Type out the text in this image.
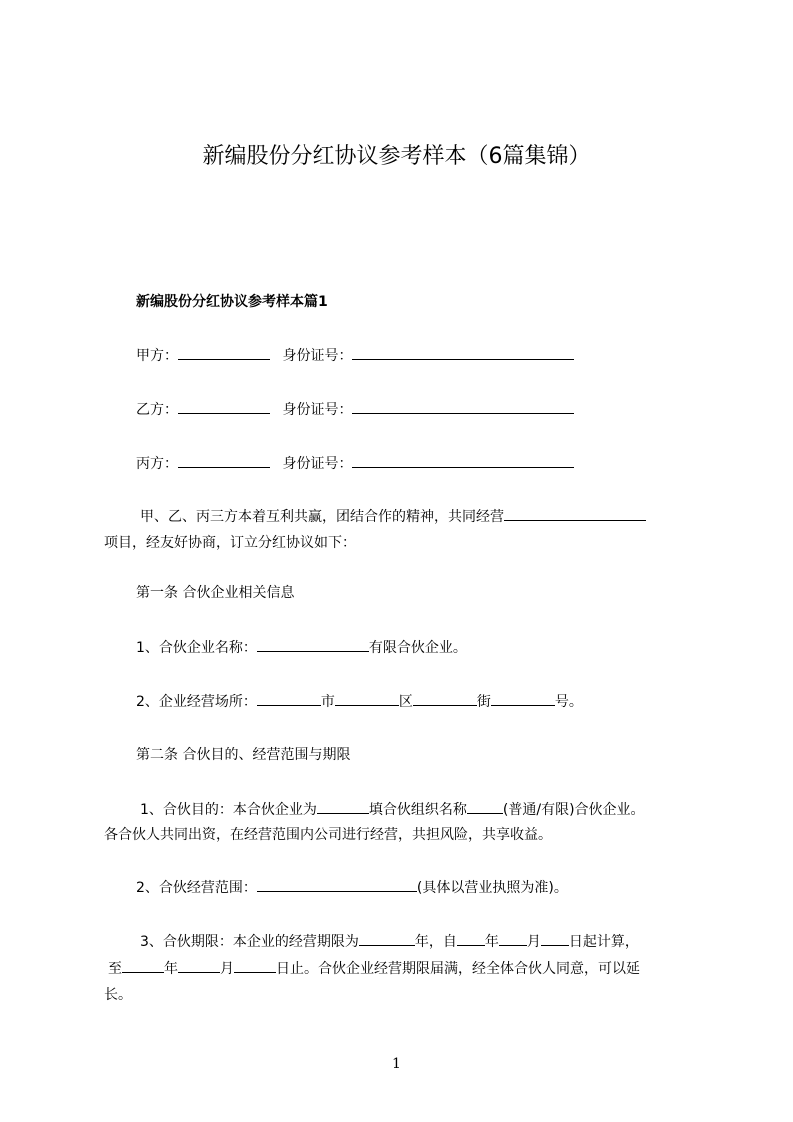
新编股份分红协议参考样本（6篇集锦）
新编股份分红协议参考样本篇1
甲方：	身份证号：
乙方：	身份证号：
丙方：	身份证号：
甲、乙、丙三方本着互利共赢，团结合作的精神，共同经营
项目，经友好协商，订立分红协议如下：
第一条 合伙企业相关信息
1、合伙企业名称：	有限合伙企业。
2、企业经营场所：	市	区	街	号。
第二条 合伙目的、经营范围与期限
1、合伙目的：本合伙企业为	填合伙组织名称	(普通/有限)合伙企业。
各合伙人共同出资，在经营范围内公司进行经营，共担风险，共享收益。
2、合伙经营范围：	(具体以营业执照为准)。
3、合伙期限：本企业的经营期限为	年，自 年 月 日起计算，
至	年	月	日止。合伙企业经营期限届满，经全体合伙人同意，可以延
长。
1
